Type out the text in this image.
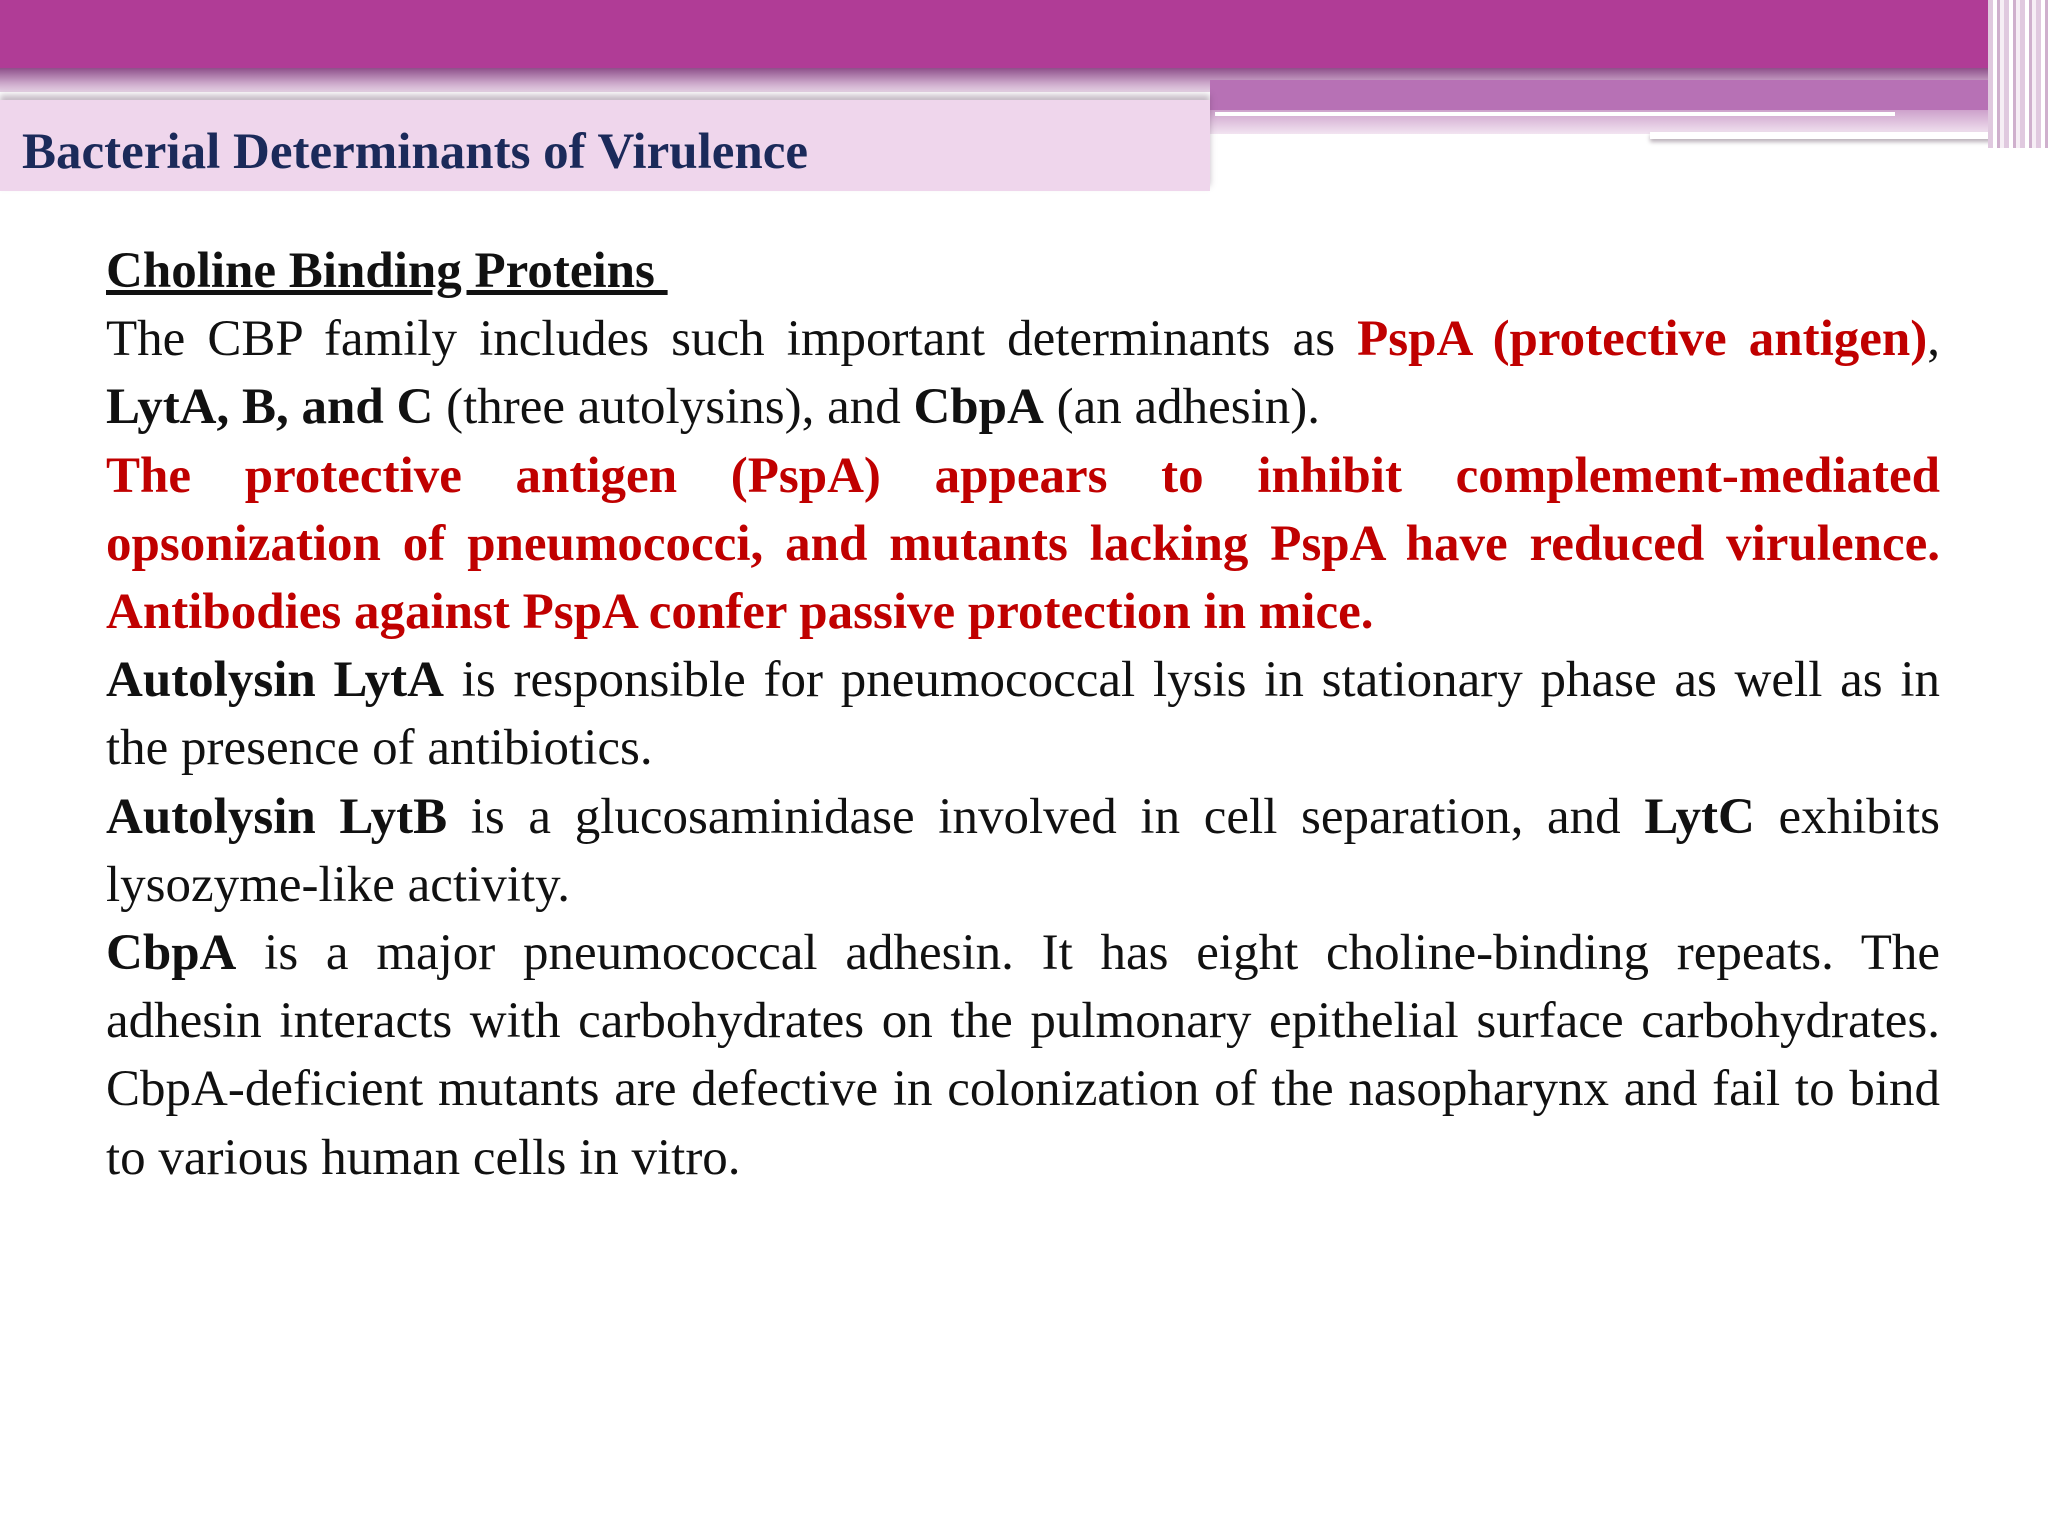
Bacterial Determinants of Virulence

Choline Binding Proteins

The CBP family includes such important determinants as PspA (protective antigen), LytA, B, and C (three autolysins), and CbpA (an adhesin).

The protective antigen (PspA) appears to inhibit complement-mediated opsonization of pneumococci, and mutants lacking PspA have reduced virulence. Antibodies against PspA confer passive protection in mice.

Autolysin LytA is responsible for pneumococcal lysis in stationary phase as well as in the presence of antibiotics.

Autolysin LytB is a glucosaminidase involved in cell separation, and LytC exhibits lysozyme-like activity.

CbpA is a major pneumococcal adhesin. It has eight choline-binding repeats. The adhesin interacts with carbohydrates on the pulmonary epithelial surface carbohydrates. CbpA-deficient mutants are defective in colonization of the nasopharynx and fail to bind to various human cells in vitro.
